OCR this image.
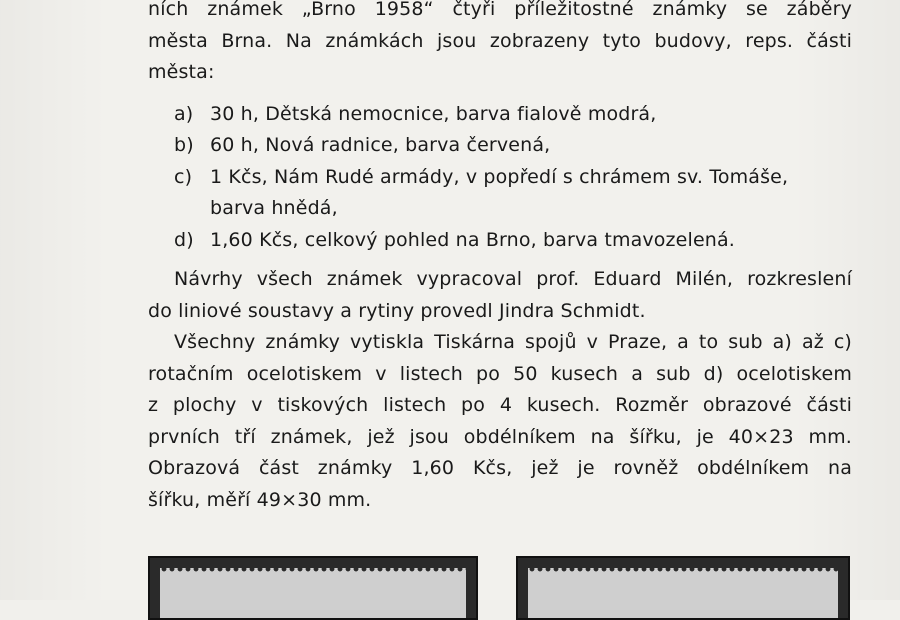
ních známek „Brno 1958“ čtyři příležitostné známky se záběry
města Brna. Na známkách jsou zobrazeny tyto budovy, reps. části
města:
a) 30 h, Dětská nemocnice, barva fialově modrá,
b) 60 h, Nová radnice, barva červená,
c) 1 Kčs, Nám Rudé armády, v popředí s chrámem sv. Tomáše,
barva hnědá,
d) 1,60 Kčs, celkový pohled na Brno, barva tmavozelená.
Návrhy všech známek vypracoval prof. Eduard Milén, rozkreslení
do liniové soustavy a rytiny provedl Jindra Schmidt.
Všechny známky vytiskla Tiskárna spojů v Praze, a to sub a) až c)
rotačním ocelotiskem v listech po 50 kusech a sub d) ocelotiskem
z plochy v tiskových listech po 4 kusech. Rozměr obrazové části
prvních tří známek, jež jsou obdélníkem na šířku, je 40×23 mm.
Obrazová část známky 1,60 Kčs, jež je rovněž obdélníkem na
šířku, měří 49×30 mm.
